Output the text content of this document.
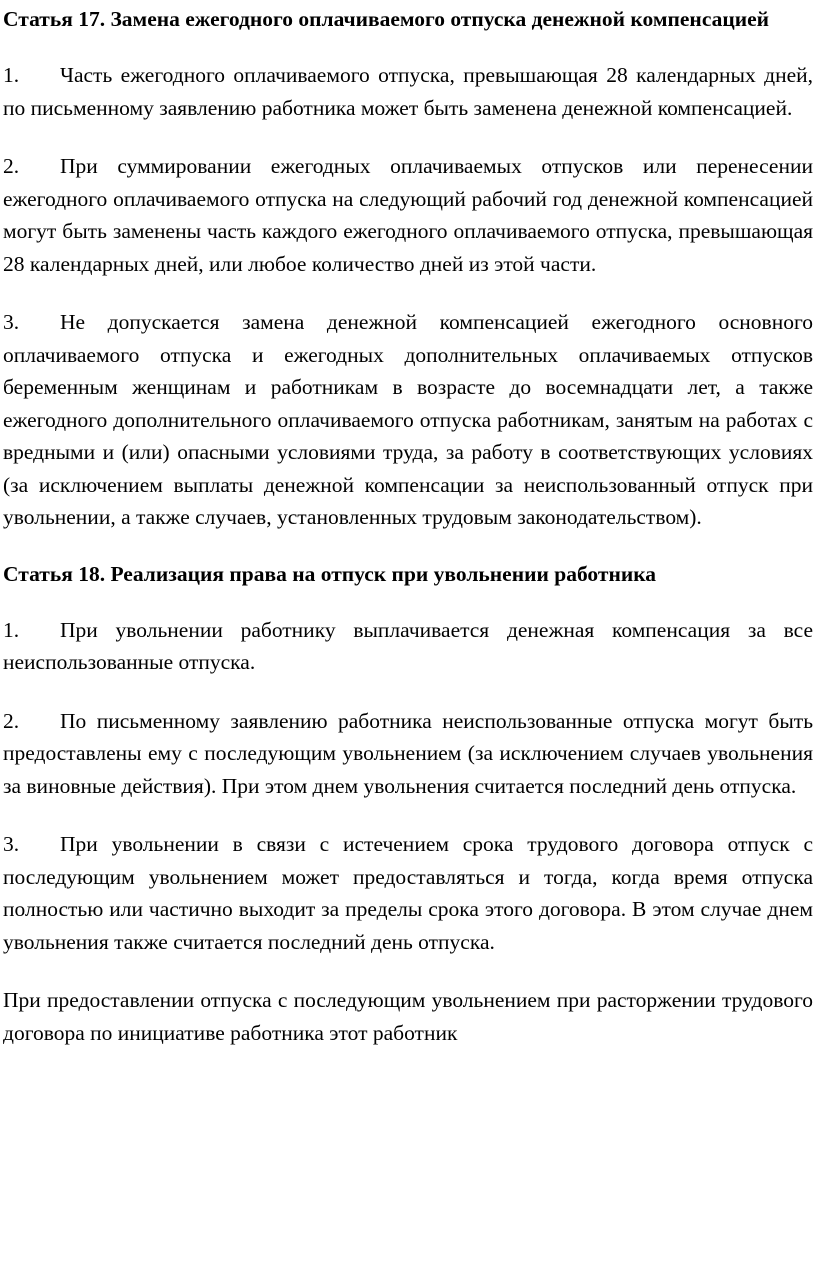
Статья 17. Замена ежегодного оплачиваемого отпуска денежной компенсацией

1. Часть ежегодного оплачиваемого отпуска, превышающая 28 календарных дней, по письменному заявлению работника может быть заменена денежной компенсацией.

2. При суммировании ежегодных оплачиваемых отпусков или перенесении ежегодного оплачиваемого отпуска на следующий рабочий год денежной компенсацией могут быть заменены часть каждого ежегодного оплачиваемого отпуска, превышающая 28 календарных дней, или любое количество дней из этой части.

3. Не допускается замена денежной компенсацией ежегодного основного оплачиваемого отпуска и ежегодных дополнительных оплачиваемых отпусков беременным женщинам и работникам в возрасте до восемнадцати лет, а также ежегодного дополнительного оплачиваемого отпуска работникам, занятым на работах с вредными и (или) опасными условиями труда, за работу в соответствующих условиях (за исключением выплаты денежной компенсации за неиспользованный отпуск при увольнении, а также случаев, установленных трудовым законодательством).

Статья 18. Реализация права на отпуск при увольнении работника

1. При увольнении работнику выплачивается денежная компенсация за все неиспользованные отпуска.

2. По письменному заявлению работника неиспользованные отпуска могут быть предоставлены ему с последующим увольнением (за исключением случаев увольнения за виновные действия). При этом днем увольнения считается последний день отпуска.

3. При увольнении в связи с истечением срока трудового договора отпуск с последующим увольнением может предоставляться и тогда, когда время отпуска полностью или частично выходит за пределы срока этого договора. В этом случае днем увольнения также считается последний день отпуска.

При предоставлении отпуска с последующим увольнением при расторжении трудового договора по инициативе работника этот работник
